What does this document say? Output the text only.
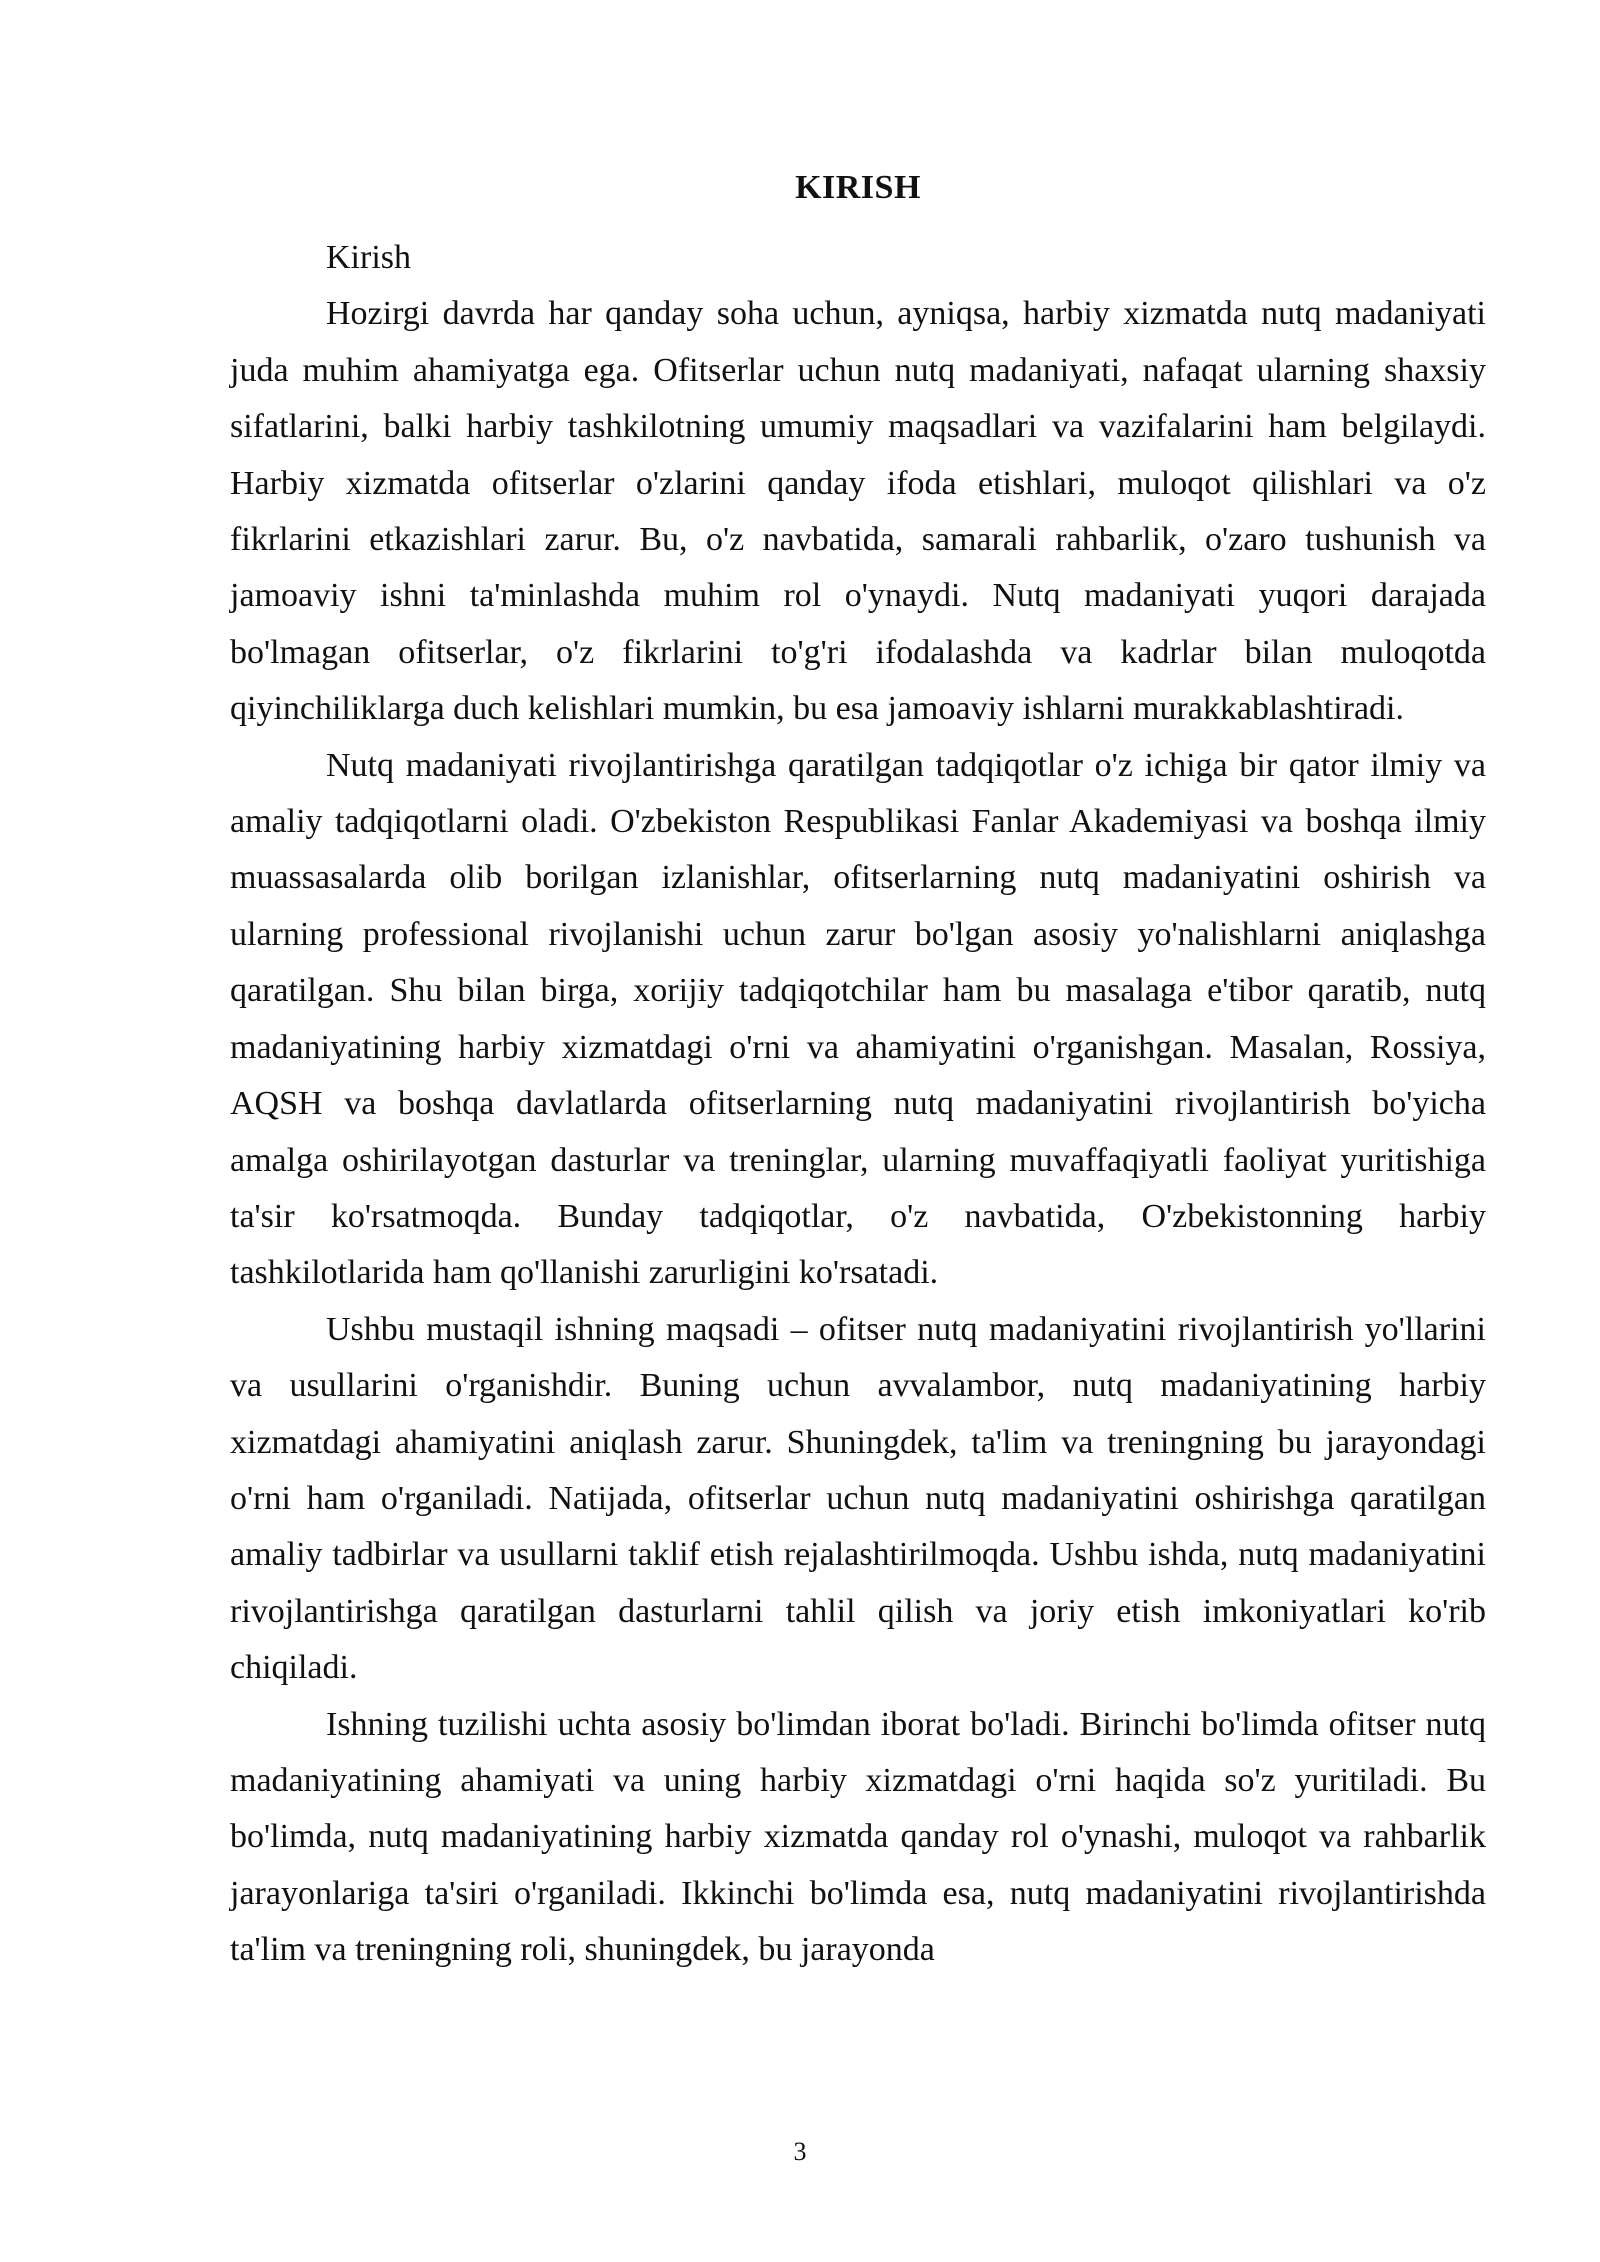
KIRISH

Kirish

Hozirgi davrda har qanday soha uchun, ayniqsa, harbiy xizmatda nutq madaniyati juda muhim ahamiyatga ega. Ofitserlar uchun nutq madaniyati, nafaqat ularning shaxsiy sifatlarini, balki harbiy tashkilotning umumiy maqsadlari va vazifalarini ham belgilaydi. Harbiy xizmatda ofitserlar o'zlarini qanday ifoda etishlari, muloqot qilishlari va o'z fikrlarini etkazishlari zarur. Bu, o'z navbatida, samarali rahbarlik, o'zaro tushunish va jamoaviy ishni ta'minlashda muhim rol o'ynaydi. Nutq madaniyati yuqori darajada bo'lmagan ofitserlar, o'z fikrlarini to'g'ri ifodalashda va kadrlar bilan muloqotda qiyinchiliklarga duch kelishlari mumkin, bu esa jamoaviy ishlarni murakkablashtiradi.

Nutq madaniyati rivojlantirishga qaratilgan tadqiqotlar o'z ichiga bir qator ilmiy va amaliy tadqiqotlarni oladi. O'zbekiston Respublikasi Fanlar Akademiyasi va boshqa ilmiy muassasalarda olib borilgan izlanishlar, ofitserlarning nutq madaniyatini oshirish va ularning professional rivojlanishi uchun zarur bo'lgan asosiy yo'nalishlarni aniqlashga qaratilgan. Shu bilan birga, xorijiy tadqiqotchilar ham bu masalaga e'tibor qaratib, nutq madaniyatining harbiy xizmatdagi o'rni va ahamiyatini o'rganishgan. Masalan, Rossiya, AQSH va boshqa davlatlarda ofitserlarning nutq madaniyatini rivojlantirish bo'yicha amalga oshirilayotgan dasturlar va treninglar, ularning muvaffaqiyatli faoliyat yuritishiga ta'sir ko'rsatmoqda. Bunday tadqiqotlar, o'z navbatida, O'zbekistonning harbiy tashkilotlarida ham qo'llanishi zarurligini ko'rsatadi.

Ushbu mustaqil ishning maqsadi – ofitser nutq madaniyatini rivojlantirish yo'llarini va usullarini o'rganishdir. Buning uchun avvalambor, nutq madaniyatining harbiy xizmatdagi ahamiyatini aniqlash zarur. Shuningdek, ta'lim va treningning bu jarayondagi o'rni ham o'rganiladi. Natijada, ofitserlar uchun nutq madaniyatini oshirishga qaratilgan amaliy tadbirlar va usullarni taklif etish rejalashtirilmoqda. Ushbu ishda, nutq madaniyatini rivojlantirishga qaratilgan dasturlarni tahlil qilish va joriy etish imkoniyatlari ko'rib chiqiladi.

Ishning tuzilishi uchta asosiy bo'limdan iborat bo'ladi. Birinchi bo'limda ofitser nutq madaniyatining ahamiyati va uning harbiy xizmatdagi o'rni haqida so'z yuritiladi. Bu bo'limda, nutq madaniyatining harbiy xizmatda qanday rol o'ynashi, muloqot va rahbarlik jarayonlariga ta'siri o'rganiladi. Ikkinchi bo'limda esa, nutq madaniyatini rivojlantirishda ta'lim va treningning roli, shuningdek, bu jarayonda

3
